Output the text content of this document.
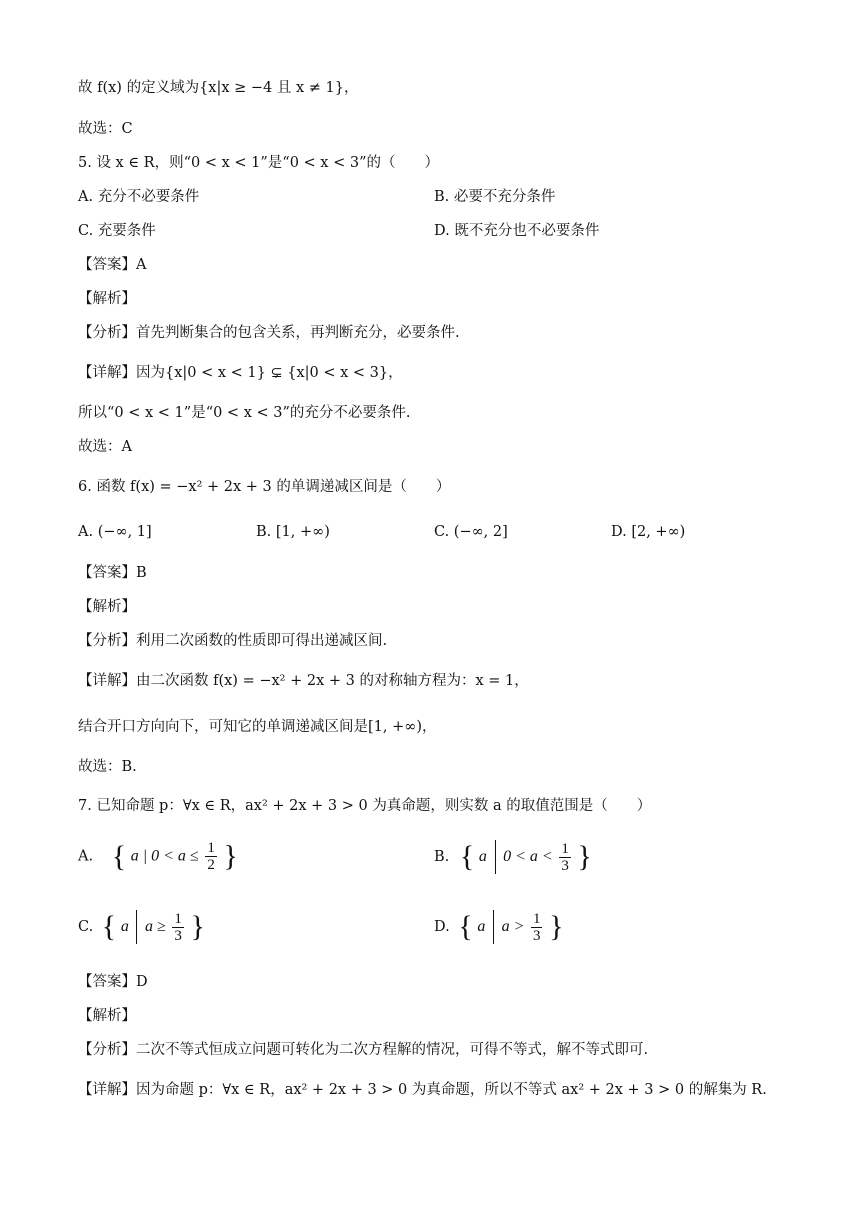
故 f(x) 的定义域为{x|x ≥ −4 且 x ≠ 1}，
故选：C
5. 设 x ∈ R，则“0 < x < 1”是“0 < x < 3”的（　　）
A. 充分不必要条件	B. 必要不充分条件
C. 充要条件	D. 既不充分也不必要条件
【答案】A
【解析】
【分析】首先判断集合的包含关系，再判断充分，必要条件.
【详解】因为{x|0 < x < 1} ⊊ {x|0 < x < 3}，
所以“0 < x < 1”是“0 < x < 3”的充分不必要条件.
故选：A
6. 函数 f(x) = −x² + 2x + 3 的单调递减区间是（　　）
A. (−∞, 1]	B. [1, +∞)	C. (−∞, 2]	D. [2, +∞)
【答案】B
【解析】
【分析】利用二次函数的性质即可得出递减区间.
【详解】由二次函数 f(x) = −x² + 2x + 3 的对称轴方程为：x = 1，
结合开口方向向下，可知它的单调递减区间是[1, +∞)，
故选：B.
7. 已知命题 p：∀x ∈ R，ax² + 2x + 3 > 0 为真命题，则实数 a 的取值范围是（　　）
A. { a | $0 < a \le \frac{1}{2}$ }	B. { a $0 < a < \frac{1}{3}$ }
C. { a $a \ge \frac{1}{3}$ }	D. { a $a > \frac{1}{3}$ }
【答案】D
【解析】
【分析】二次不等式恒成立问题可转化为二次方程解的情况，可得不等式，解不等式即可.
【详解】因为命题 p：∀x ∈ R，ax² + 2x + 3 > 0 为真命题，所以不等式 ax² + 2x + 3 > 0 的解集为 R.
